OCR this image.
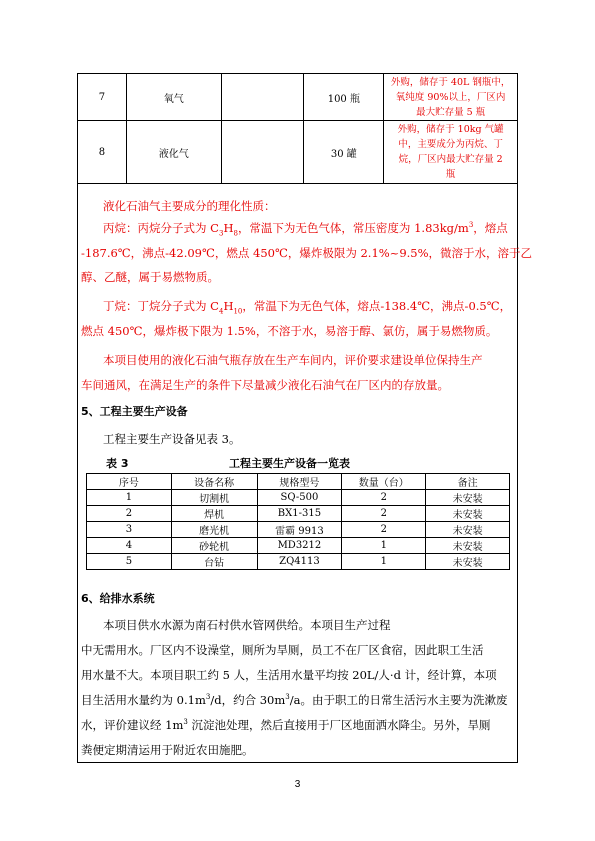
7	氧气		100 瓶	外购，储存于 40L 钢瓶中，
氧纯度 90%以上，厂区内
最大贮存量 5 瓶

8	液化气		30 罐	外购，储存于 10kg 气罐
中，主要成分为丙烷、丁
烷，厂区内最大贮存量 2
瓶
液化石油气主要成分的理化性质：
丙烷：丙烷分子式为 $C_3H_8$，常温下为无色气体，常压密度为 $1.83kg/m^3$，熔点
-187.6℃，沸点-42.09℃，燃点 450℃，爆炸极限为 2.1%~9.5%，微溶于水，溶于乙
醇、乙醚，属于易燃物质。
丁烷：丁烷分子式为 $C_4H_{10}$，常温下为无色气体，熔点-138.4℃，沸点-0.5℃，
燃点 450℃，爆炸极下限为 1.5%，不溶于水，易溶于醇、氯仿，属于易燃物质。
本项目使用的液化石油气瓶存放在生产车间内，评价要求建设单位保持生产
车间通风，在满足生产的条件下尽量减少液化石油气在厂区内的存放量。
5、工程主要生产设备
工程主要生产设备见表 3。
表 3	工程主要生产设备一览表
序号	设备名称	规格型号	数量（台）	备注
1	切割机	SQ-500	2	未安装
2	焊机	BX1-315	2	未安装
3	磨光机	雷霸 9913	2	未安装
4	砂轮机	MD3212	1	未安装
5	台钻	ZQ4113	1	未安装
6、给排水系统
本项目供水水源为南石村供水管网供给。本项目生产过程
中无需用水。厂区内不设澡堂，厕所为旱厕，员工不在厂区食宿，因此职工生活
用水量不大。本项目职工约 5 人，生活用水量平均按 20L/人·d 计，经计算，本项
目生活用水量约为 $0.1m^3/d$，约合 $30m^3/a$。由于职工的日常生活污水主要为洗漱废
水，评价建议经 $1m^3$ 沉淀池处理，然后直接用于厂区地面洒水降尘。另外，旱厕
粪便定期清运用于附近农田施肥。
3
